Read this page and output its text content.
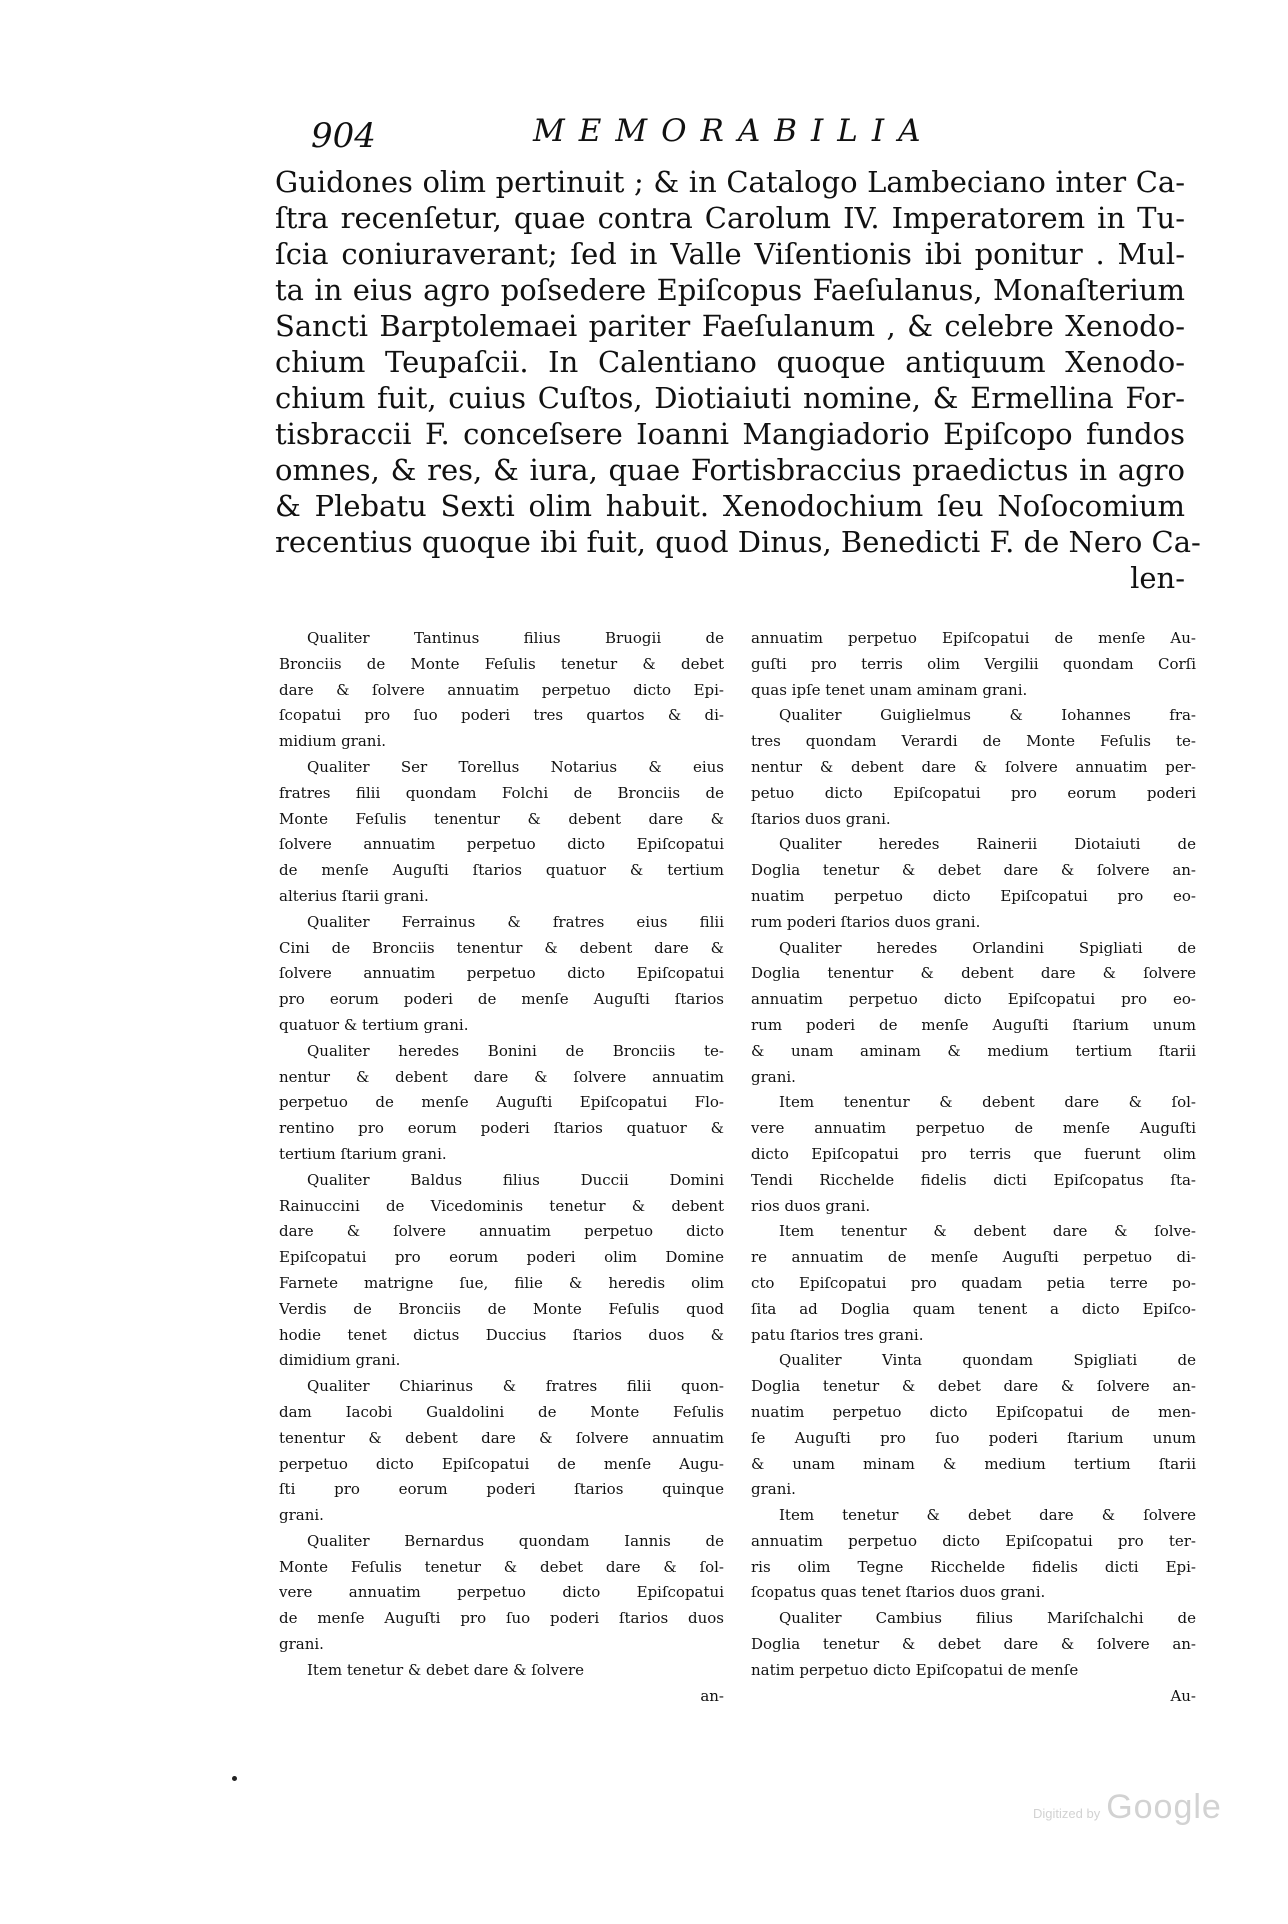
904	MEMORABILIA

Guidones olim pertinuit ; & in Catalogo Lambeciano inter Ca-

ſtra recenſetur, quae contra Carolum IV. Imperatorem in Tu-

ſcia coniuraverant; ſed in Valle Viſentionis ibi ponitur . Mul-

ta in eius agro poſsedere Epiſcopus Faeſulanus, Monaſterium

Sancti Barptolemaei pariter Faeſulanum , & celebre Xenodo-

chium Teupaſcii. In Calentiano quoque antiquum Xenodo-

chium fuit, cuius Cuſtos, Diotiaiuti nomine, & Ermellina For-

tisbraccii F. conceſsere Ioanni Mangiadorio Epiſcopo fundos

omnes, & res, & iura, quae Fortisbraccius praedictus in agro

& Plebatu Sexti olim habuit. Xenodochium ſeu Noſocomium

recentius quoque ibi fuit, quod Dinus, Benedicti F. de Nero Ca-

len-

Qualiter Tantinus filius Bruogii de

Bronciis de Monte Feſulis tenetur & debet

dare & ſolvere annuatim perpetuo dicto Epi-

ſcopatui pro ſuo poderi tres quartos & di-

midium grani.

Qualiter Ser Torellus Notarius & eius

fratres filii quondam Folchi de Bronciis de

Monte Feſulis tenentur & debent dare &

ſolvere annuatim perpetuo dicto Epiſcopatui

de menſe Auguſti ſtarios quatuor & tertium

alterius ſtarii grani.

Qualiter Ferrainus & fratres eius filii

Cini de Bronciis tenentur & debent dare &

ſolvere annuatim perpetuo dicto Epiſcopatui

pro eorum poderi de menſe Auguſti ſtarios

quatuor & tertium grani.

Qualiter heredes Bonini de Bronciis te-

nentur & debent dare & ſolvere annuatim

perpetuo de menſe Auguſti Epiſcopatui Flo-

rentino pro eorum poderi ſtarios quatuor &

tertium ſtarium grani.

Qualiter Baldus filius Duccii Domini

Rainuccini de Vicedominis tenetur & debent

dare & ſolvere annuatim perpetuo dicto

Epiſcopatui pro eorum poderi olim Domine

Farnete matrigne ſue, filie & heredis olim

Verdis de Bronciis de Monte Feſulis quod

hodie tenet dictus Duccius ſtarios duos &

dimidium grani.

Qualiter Chiarinus & fratres filii quon-

dam Iacobi Gualdolini de Monte Feſulis

tenentur & debent dare & ſolvere annuatim

perpetuo dicto Epiſcopatui de menſe Augu-

ſti pro eorum poderi ſtarios quinque

grani.

Qualiter Bernardus quondam Iannis de

Monte Feſulis tenetur & debet dare & ſol-

vere annuatim perpetuo dicto Epiſcopatui

de menſe Auguſti pro ſuo poderi ſtarios duos

grani.

Item tenetur & debet dare & ſolvere

an-

annuatim perpetuo Epiſcopatui de menſe Au-

guſti pro terris olim Vergilii quondam Corſi

quas ipſe tenet unam aminam grani.

Qualiter Guiglielmus & Iohannes fra-

tres quondam Verardi de Monte Feſulis te-

nentur & debent dare & ſolvere annuatim per-

petuo dicto Epiſcopatui pro eorum poderi

ſtarios duos grani.

Qualiter heredes Rainerii Diotaiuti de

Doglia tenetur & debet dare & ſolvere an-

nuatim perpetuo dicto Epiſcopatui pro eo-

rum poderi ſtarios duos grani.

Qualiter heredes Orlandini Spigliati de

Doglia tenentur & debent dare & ſolvere

annuatim perpetuo dicto Epiſcopatui pro eo-

rum poderi de menſe Auguſti ſtarium unum

& unam aminam & medium tertium ſtarii

grani.

Item tenentur & debent dare & ſol-

vere annuatim perpetuo de menſe Auguſti

dicto Epiſcopatui pro terris que fuerunt olim

Tendi Ricchelde fidelis dicti Epiſcopatus ſta-

rios duos grani.

Item tenentur & debent dare & ſolve-

re annuatim de menſe Auguſti perpetuo di-

cto Epiſcopatui pro quadam petia terre po-

ſita ad Doglia quam tenent a dicto Epiſco-

patu ſtarios tres grani.

Qualiter Vinta quondam Spigliati de

Doglia tenetur & debet dare & ſolvere an-

nuatim perpetuo dicto Epiſcopatui de men-

ſe Auguſti pro ſuo poderi ſtarium unum

& unam minam & medium tertium ſtarii

grani.

Item tenetur & debet dare & ſolvere

annuatim perpetuo dicto Epiſcopatui pro ter-

ris olim Tegne Ricchelde fidelis dicti Epi-

ſcopatus quas tenet ſtarios duos grani.

Qualiter Cambius filius Mariſchalchi de

Doglia tenetur & debet dare & ſolvere an-

natim perpetuo dicto Epiſcopatui de menſe

Au-

Digitized by Google
